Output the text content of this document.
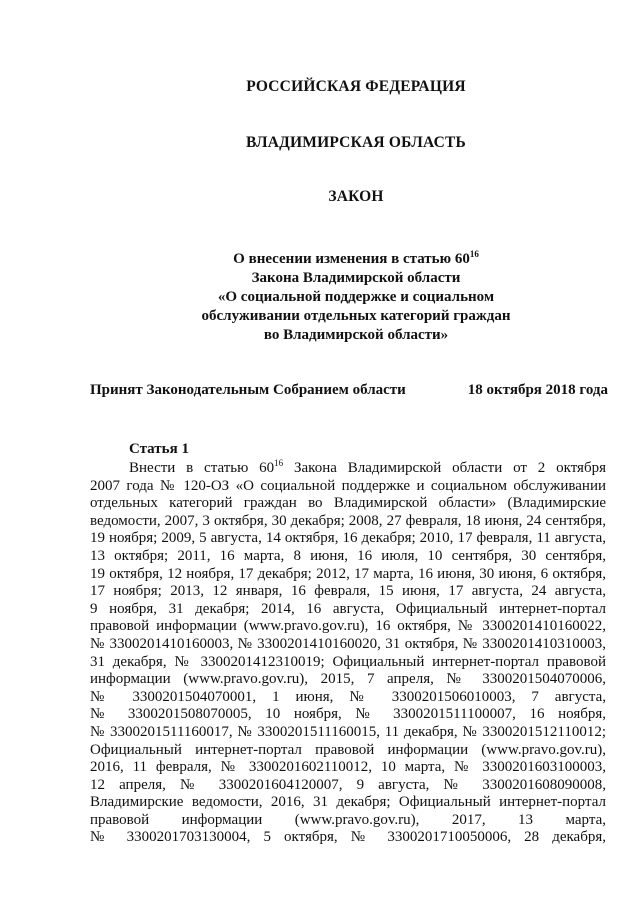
РОССИЙСКАЯ ФЕДЕРАЦИЯ
ВЛАДИМИРСКАЯ ОБЛАСТЬ
ЗАКОН
О внесении изменения в статью $60^{16}$
Закона Владимирской области
«О социальной поддержке и социальном
обслуживании отдельных категорий граждан
во Владимирской области»
Принят Законодательным Собранием области	18 октября 2018 года
Статья 1
Внести в статью $60^{16}$ Закона Владимирской области от 2 октября
2007 года № 120-ОЗ «О социальной поддержке и социальном обслуживании
отдельных категорий граждан во Владимирской области» (Владимирские
ведомости, 2007, 3 октября, 30 декабря; 2008, 27 февраля, 18 июня, 24 сентября,
19 ноября; 2009, 5 августа, 14 октября, 16 декабря; 2010, 17 февраля, 11 августа,
13 октября; 2011, 16 марта, 8 июня, 16 июля, 10 сентября, 30 сентября,
19 октября, 12 ноября, 17 декабря; 2012, 17 марта, 16 июня, 30 июня, 6 октября,
17 ноября; 2013, 12 января, 16 февраля, 15 июня, 17 августа, 24 августа,
9 ноября, 31 декабря; 2014, 16 августа, Официальный интернет-портал
правовой информации (www.pravo.gov.ru), 16 октября, № 3300201410160022,
№ 3300201410160003, № 3300201410160020, 31 октября, № 3300201410310003,
31 декабря, № 3300201412310019; Официальный интернет-портал правовой
информации (www.pravo.gov.ru), 2015, 7 апреля, № 3300201504070006,
№ 3300201504070001, 1 июня, № 3300201506010003, 7 августа,
№ 3300201508070005, 10 ноября, № 3300201511100007, 16 ноября,
№ 3300201511160017, № 3300201511160015, 11 декабря, № 3300201512110012;
Официальный интернет-портал правовой информации (www.pravo.gov.ru),
2016, 11 февраля, № 3300201602110012, 10 марта, № 3300201603100003,
12 апреля, № 3300201604120007, 9 августа, № 3300201608090008,
Владимирские ведомости, 2016, 31 декабря; Официальный интернет-портал
правовой информации (www.pravo.gov.ru), 2017, 13 марта,
№ 3300201703130004, 5 октября, № 3300201710050006, 28 декабря,
